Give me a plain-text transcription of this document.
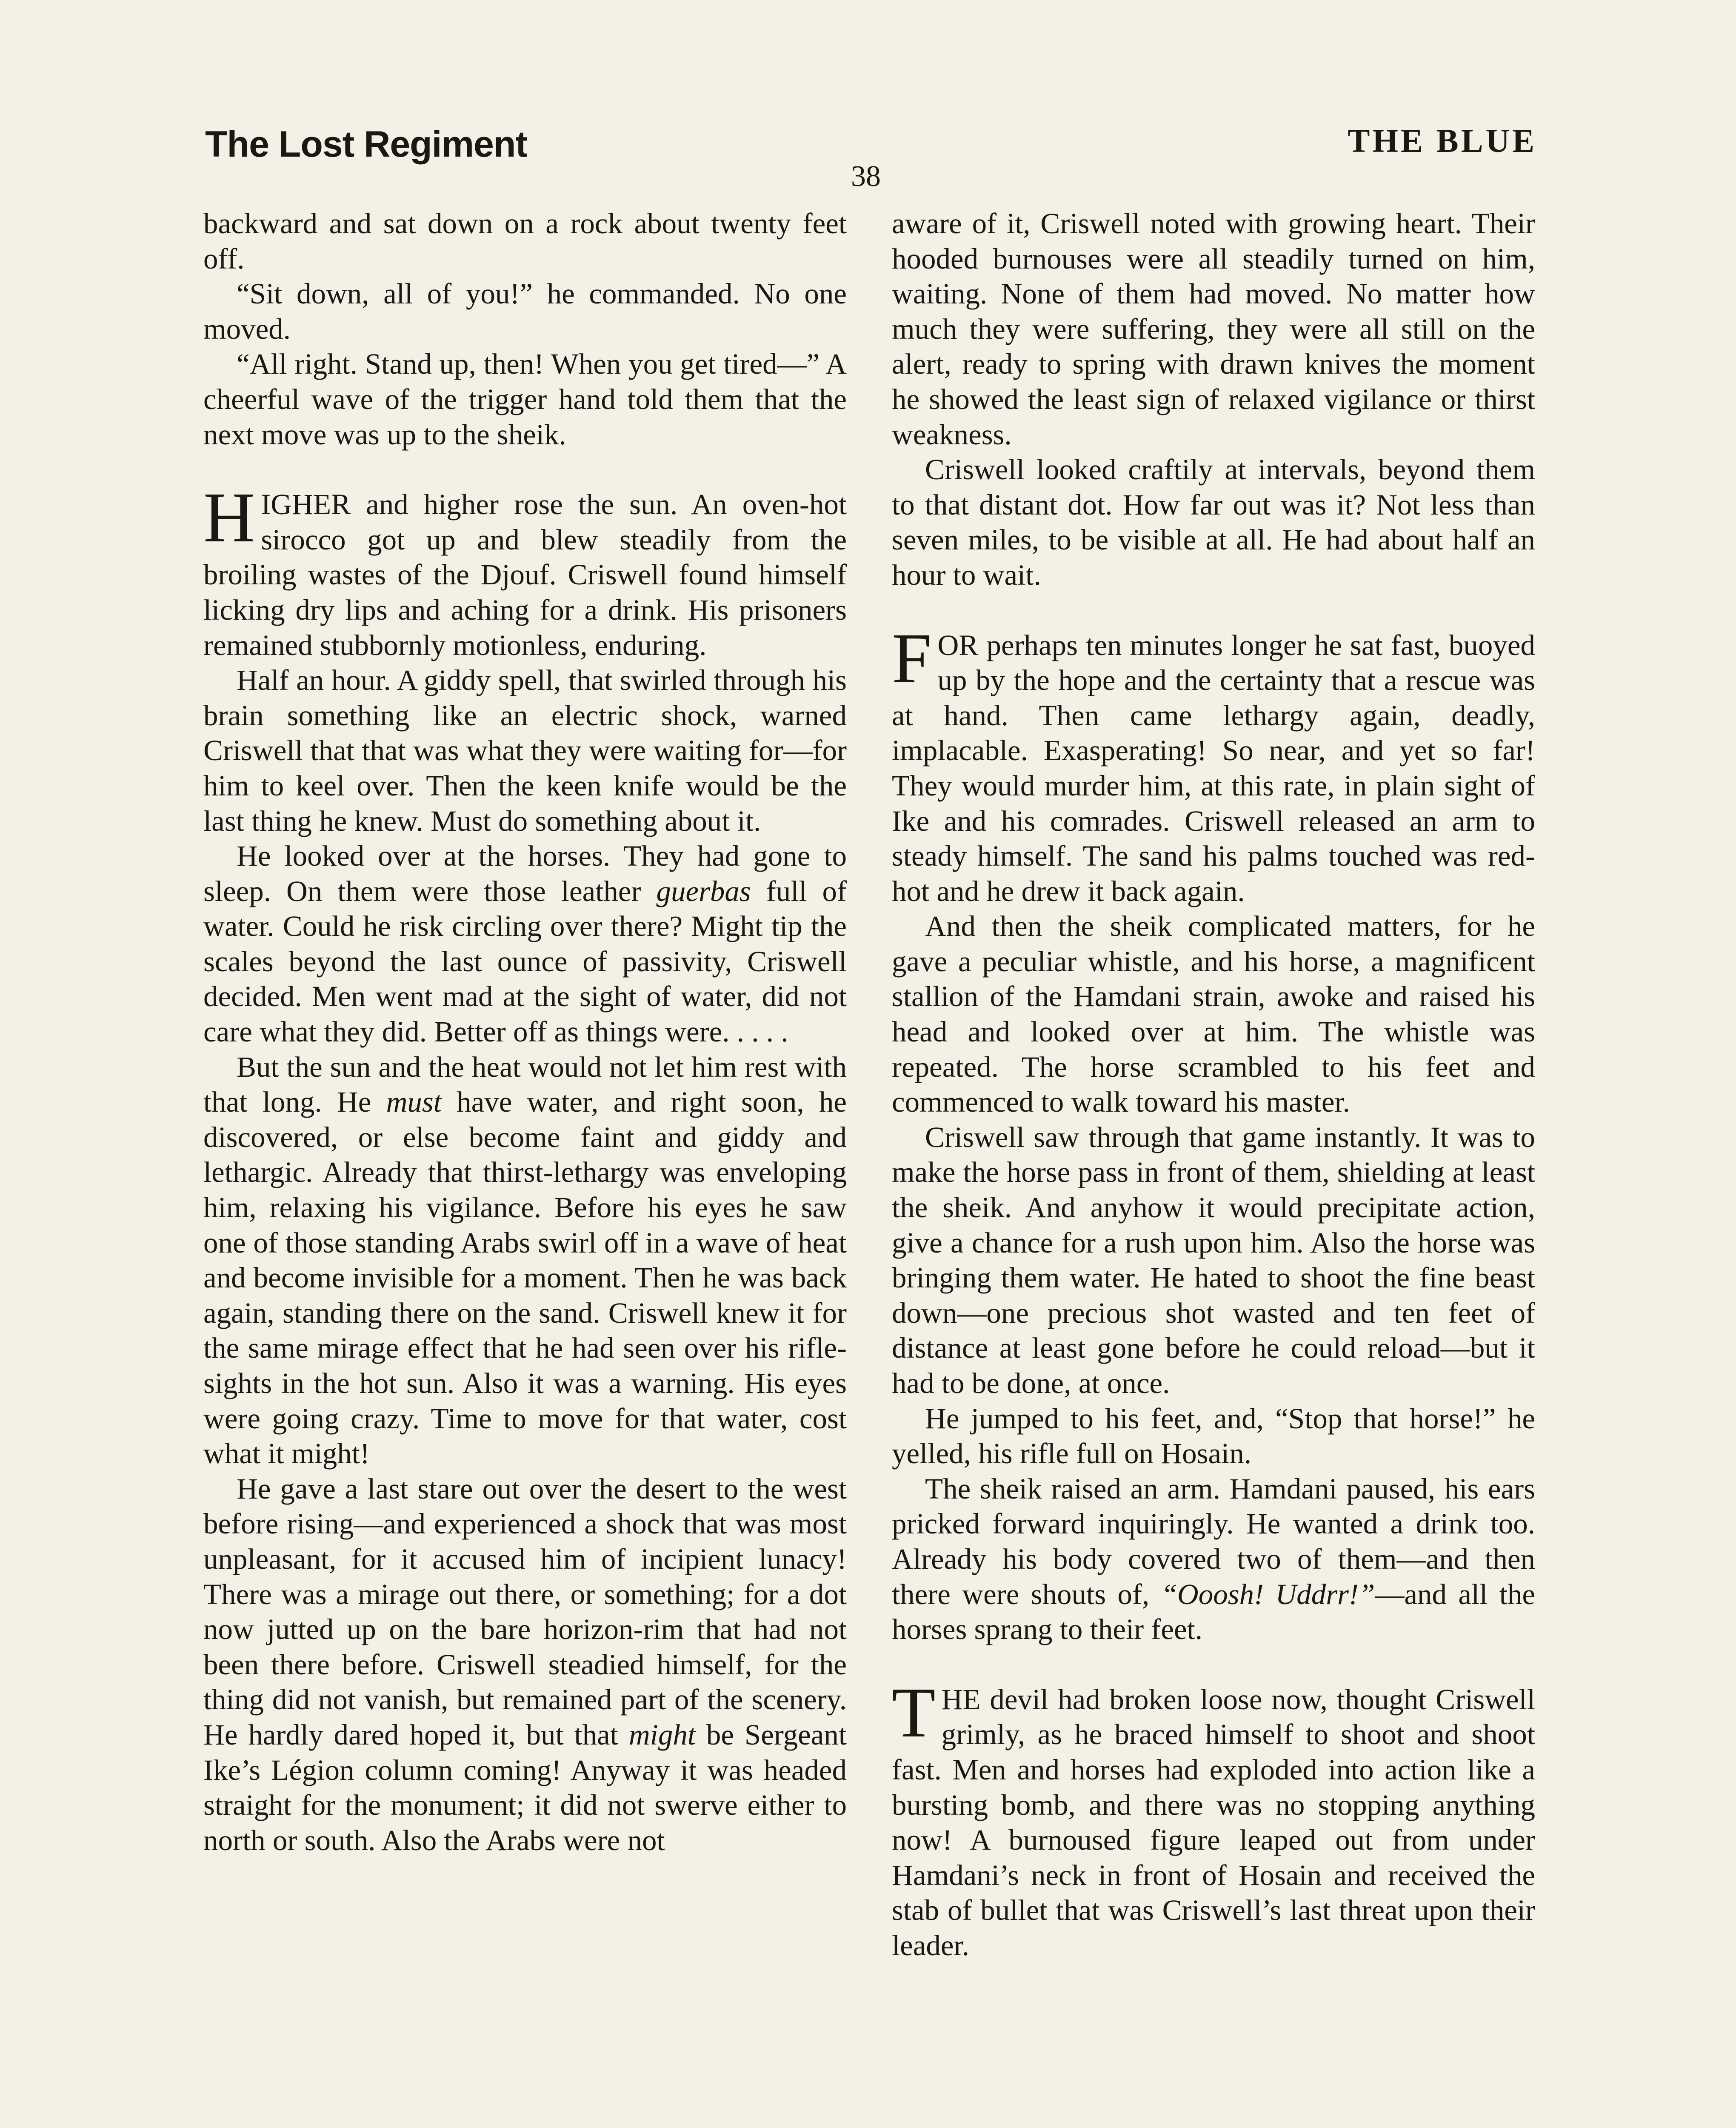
The Lost Regiment	THE BLUE
38

backward and sat down on a rock about twenty feet off.

“Sit down, all of you!” he commanded. No one moved.

“All right. Stand up, then! When you get tired—” A cheerful wave of the trigger hand told them that the next move was up to the sheik.

HIGHER and higher rose the sun. An oven-hot sirocco got up and blew steadily from the broiling wastes of the Djouf. Criswell found himself licking dry lips and aching for a drink. His prisoners remained stubbornly motionless, enduring.

Half an hour. A giddy spell, that swirled through his brain something like an electric shock, warned Criswell that that was what they were waiting for—for him to keel over. Then the keen knife would be the last thing he knew. Must do something about it.

He looked over at the horses. They had gone to sleep. On them were those leather guerbas full of water. Could he risk circling over there? Might tip the scales beyond the last ounce of passivity, Criswell decided. Men went mad at the sight of water, did not care what they did. Better off as things were. . . . .

But the sun and the heat would not let him rest with that long. He must have water, and right soon, he discovered, or else become faint and giddy and lethargic. Already that thirst-lethargy was enveloping him, relaxing his vigilance. Before his eyes he saw one of those standing Arabs swirl off in a wave of heat and become invisible for a moment. Then he was back again, standing there on the sand. Criswell knew it for the same mirage effect that he had seen over his rifle-sights in the hot sun. Also it was a warning. His eyes were going crazy. Time to move for that water, cost what it might!

He gave a last stare out over the desert to the west before rising—and experienced a shock that was most unpleasant, for it accused him of incipient lunacy! There was a mirage out there, or something; for a dot now jutted up on the bare horizon-rim that had not been there before. Criswell steadied himself, for the thing did not vanish, but remained part of the scenery. He hardly dared hoped it, but that might be Sergeant Ike’s Légion column coming! Anyway it was headed straight for the monument; it did not swerve either to north or south. Also the Arabs were not

aware of it, Criswell noted with growing heart. Their hooded burnouses were all steadily turned on him, waiting. None of them had moved. No matter how much they were suffering, they were all still on the alert, ready to spring with drawn knives the moment he showed the least sign of relaxed vigilance or thirst weakness.

Criswell looked craftily at intervals, beyond them to that distant dot. How far out was it? Not less than seven miles, to be visible at all. He had about half an hour to wait.

FOR perhaps ten minutes longer he sat fast, buoyed up by the hope and the certainty that a rescue was at hand. Then came lethargy again, deadly, implacable. Exasperating! So near, and yet so far! They would murder him, at this rate, in plain sight of Ike and his comrades. Criswell released an arm to steady himself. The sand his palms touched was red-hot and he drew it back again.

And then the sheik complicated matters, for he gave a peculiar whistle, and his horse, a magnificent stallion of the Hamdani strain, awoke and raised his head and looked over at him. The whistle was repeated. The horse scrambled to his feet and commenced to walk toward his master.

Criswell saw through that game instantly. It was to make the horse pass in front of them, shielding at least the sheik. And anyhow it would precipitate action, give a chance for a rush upon him. Also the horse was bringing them water. He hated to shoot the fine beast down—one precious shot wasted and ten feet of distance at least gone before he could reload—but it had to be done, at once.

He jumped to his feet, and, “Stop that horse!” he yelled, his rifle full on Hosain.

The sheik raised an arm. Hamdani paused, his ears pricked forward inquiringly. He wanted a drink too. Already his body covered two of them—and then there were shouts of, “Ooosh! Uddrr!”—and all the horses sprang to their feet.

THE devil had broken loose now, thought Criswell grimly, as he braced himself to shoot and shoot fast. Men and horses had exploded into action like a bursting bomb, and there was no stopping anything now! A burnoused figure leaped out from under Hamdani’s neck in front of Hosain and received the stab of bullet that was Criswell’s last threat upon their leader.
